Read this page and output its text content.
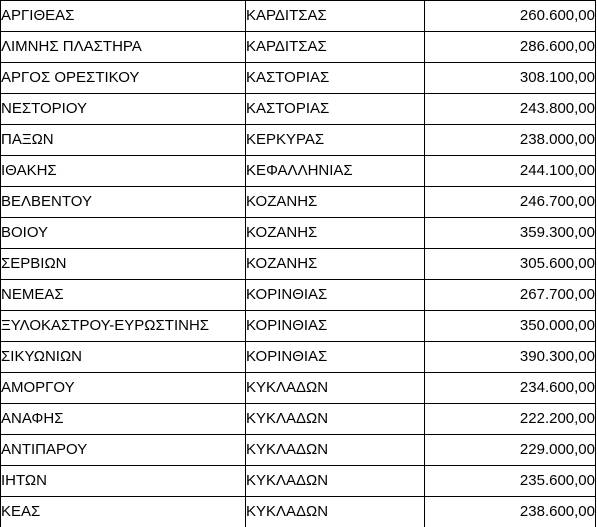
ΑΡΓΙΘΕΑΣ	ΚΑΡΔΙΤΣΑΣ	260.600,00
ΛΙΜΝΗΣ ΠΛΑΣΤΗΡΑ	ΚΑΡΔΙΤΣΑΣ	286.600,00
ΑΡΓΟΣ ΟΡΕΣΤΙΚΟΥ	ΚΑΣΤΟΡΙΑΣ	308.100,00
ΝΕΣΤΟΡΙΟΥ	ΚΑΣΤΟΡΙΑΣ	243.800,00
ΠΑΞΩΝ	ΚΕΡΚΥΡΑΣ	238.000,00
ΙΘΑΚΗΣ	ΚΕΦΑΛΛΗΝΙΑΣ	244.100,00
ΒΕΛΒΕΝΤΟΥ	ΚΟΖΑΝΗΣ	246.700,00
ΒΟΙΟΥ	ΚΟΖΑΝΗΣ	359.300,00
ΣΕΡΒΙΩΝ	ΚΟΖΑΝΗΣ	305.600,00
ΝΕΜΕΑΣ	ΚΟΡΙΝΘΙΑΣ	267.700,00
ΞΥΛΟΚΑΣΤΡΟΥ-ΕΥΡΩΣΤΙΝΗΣ	ΚΟΡΙΝΘΙΑΣ	350.000,00
ΣΙΚΥΩΝΙΩΝ	ΚΟΡΙΝΘΙΑΣ	390.300,00
ΑΜΟΡΓΟΥ	ΚΥΚΛΑΔΩΝ	234.600,00
ΑΝΑΦΗΣ	ΚΥΚΛΑΔΩΝ	222.200,00
ΑΝΤΙΠΑΡΟΥ	ΚΥΚΛΑΔΩΝ	229.000,00
ΙΗΤΩΝ	ΚΥΚΛΑΔΩΝ	235.600,00
ΚΕΑΣ	ΚΥΚΛΑΔΩΝ	238.600,00
